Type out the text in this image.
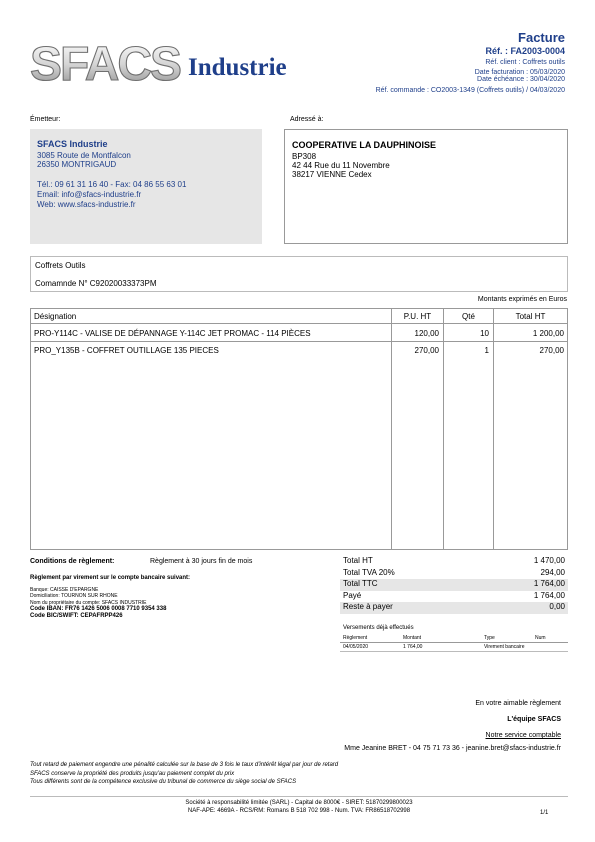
SFACS Industrie
Facture
Réf. : FA2003-0004
Réf. client : Coffrets outils
Date facturation : 05/03/2020
Date échéance : 30/04/2020
Réf. commande : CO2003-1349 (Coffrets outils) / 04/03/2020
Émetteur:
SFACS Industrie
3085 Route de Montfalcon
26350 MONTRIGAUD
Tél.: 09 61 31 16 40 - Fax: 04 86 55 63 01
Email: info@sfacs-industrie.fr
Web: www.sfacs-industrie.fr
Adressé à:
COOPERATIVE LA DAUPHINOISE
BP308
42 44 Rue du 11 Novembre
38217 VIENNE Cedex
Coffrets Outils
Comamnde N° C92020033373PM
Montants exprimés en Euros
Désignation	P.U. HT	Qté	Total HT
PRO-Y114C - VALISE DE DÉPANNAGE Y-114C JET PROMAC - 114 PIÈCES	120,00	10	1 200,00
PRO_Y135B - COFFRET OUTILLAGE 135 PIECES	270,00	1	270,00
Conditions de règlement:	Règlement à 30 jours fin de mois
Règlement par virement sur le compte bancaire suivant:
Banque: CAISSE D'EPARGNE
Domiciliation: TOURNON SUR RHONE
Nom du propriétaire du compte: SFACS INDUSTRIE
Code IBAN: FR76 1426 5006 0008 7710 9354 338
Code BIC/SWIFT: CEPAFRPP426
Total HT	1 470,00
Total TVA 20%	294,00
Total TTC	1 764,00
Payé	1 764,00
Reste à payer	0,00
Versements déjà effectués
Règlement	Montant	Type	Num
04/05/2020	1 764,00	Virement bancaire
En votre aimable règlement
L'équipe SFACS
Notre service comptable
Mme Jeanine BRET - 04 75 71 73 36 - jeanine.bret@sfacs-industrie.fr
Tout retard de paiement engendre une pénalité calculée sur la base de 3 fois le taux d'intérêt légal par jour de retard
SFACS conserve la propriété des produits jusqu'au paiement complet du prix
Tous différents sont de la compétence exclusive du tribunal de commerce du siège social de SFACS
Société à responsabilité limitée (SARL) - Capital de 8000€ - SIRET: 51870299800023
NAF-APE: 4669A - RCS/RM: Romans B 518 702 998 - Num. TVA: FR86518702998	1/1
